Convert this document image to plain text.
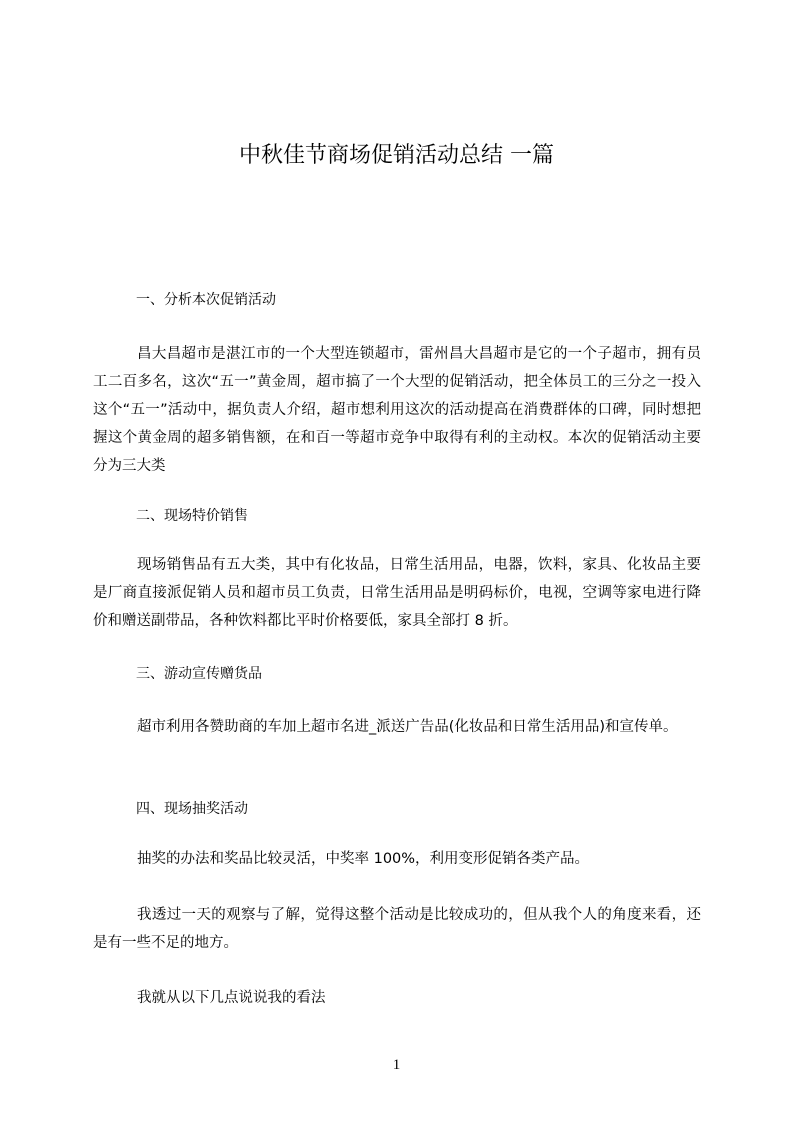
中秋佳节商场促销活动总结 一篇
一、分析本次促销活动

昌大昌超市是湛江市的一个大型连锁超市，雷州昌大昌超市是它的一个子超市，拥有员工二百多名，这次“五一”黄金周，超市搞了一个大型的促销活动，把全体员工的三分之一投入这个“五一”活动中，据负责人介绍，超市想利用这次的活动提高在消费群体的口碑，同时想把握这个黄金周的超多销售额，在和百一等超市竞争中取得有利的主动权。本次的促销活动主要分为三大类

二、现场特价销售

现场销售品有五大类，其中有化妆品，日常生活用品，电器，饮料，家具、化妆品主要是厂商直接派促销人员和超市员工负责，日常生活用品是明码标价，电视，空调等家电进行降价和赠送副带品，各种饮料都比平时价格要低，家具全部打 8 折。

三、游动宣传赠货品

超市利用各赞助商的车加上超市名进_派送广告品(化妆品和日常生活用品)和宣传单。

四、现场抽奖活动

抽奖的办法和奖品比较灵活，中奖率 100%，利用变形促销各类产品。

我透过一天的观察与了解，觉得这整个活动是比较成功的，但从我个人的角度来看，还是有一些不足的地方。

我就从以下几点说说我的看法

1
